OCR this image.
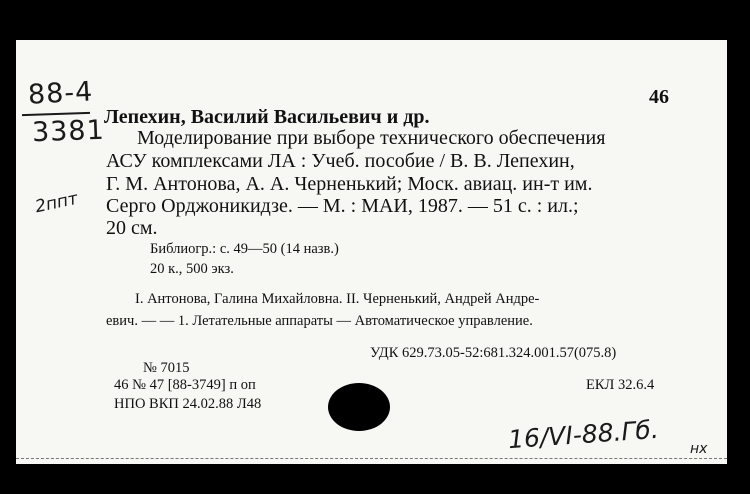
88-4
3381
2ппт
46
Лепехин, Василий Васильевич и др.
Моделирование при выборе технического обеспечения
АСУ комплексами ЛА : Учеб. пособие / В. В. Лепехин,
Г. М. Антонова, А. А. Черненький; Моск. авиац. ин-т им.
Серго Орджоникидзе. — М. : МАИ, 1987. — 51 с. : ил.;
20 см.
Библиогр.: с. 49—50 (14 назв.)
20 к., 500 экз.
I. Антонова, Галина Михайловна. II. Черненький, Андрей Андре-
евич. — — 1. Летательные аппараты — Автоматическое управление.
УДК 629.73.05-52:681.324.001.57(075.8)
№ 7015
46 № 47 [88-3749] п оп
НПО ВКП 24.02.88 Л48
ЕКЛ 32.6.4
16/VI-88.Гб. нх
